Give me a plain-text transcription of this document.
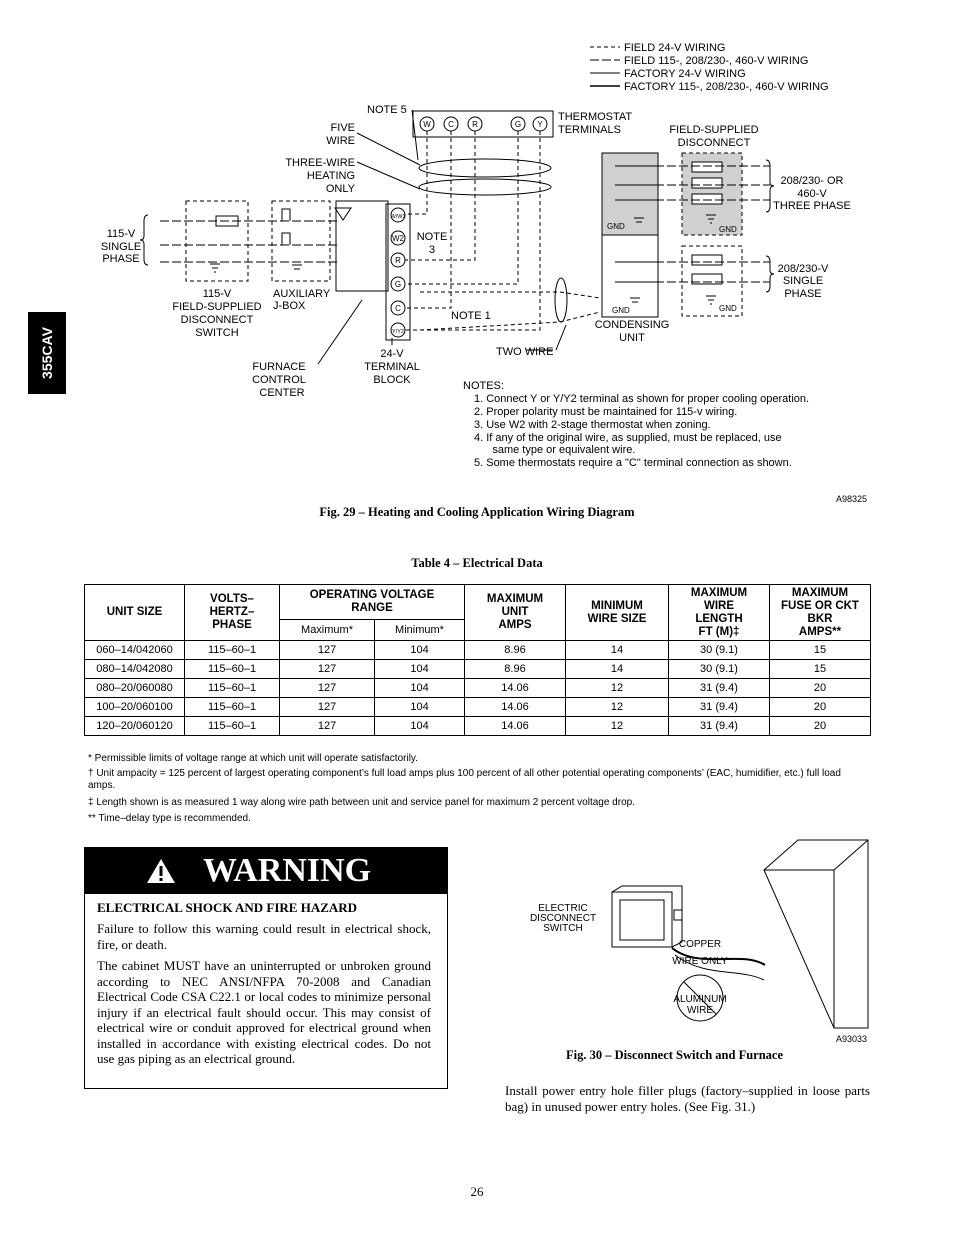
355CAV
FIELD 24-V WIRING
FIELD 115-, 208/230-, 460-V WIRING
FACTORY 24-V WIRING
FACTORY 115-, 208/230-, 460-V WIRING
NOTE 5
FIVE
WIRE
THREE-WIRE
HEATING
ONLY
THERMOSTAT
TERMINALS	FIELD-SUPPLIED
DISCONNECT
208/230- OR
460-V
THREE PHASE
208/230-V
SINGLE
PHASE
115-V
SINGLE
PHASE
115-V
FIELD-SUPPLIED
DISCONNECT
SWITCH
AUXILIARY
J-BOX
FURNACE
CONTROL
CENTER
24-V
TERMINAL
BLOCK
NOTE
3
NOTE 1
TWO WIRE
CONDENSING
UNIT
GND	GND
GND	GND
W C R	G Y
W/W1
W2
R
G
C
Y/Y2
NOTES:
1. Connect Y or Y/Y2 terminal as shown for proper cooling operation.
2. Proper polarity must be maintained for 115-v wiring.
3. Use W2 with 2-stage thermostat when zoning.
4. If any of the original wire, as supplied, must be replaced, use
same type or equivalent wire.
5. Some thermostats require a "C" terminal connection as shown.
A98325
Fig. 29 – Heating and Cooling Application Wiring Diagram
Table 4 – Electrical Data
UNIT SIZE	VOLTS–
HERTZ–
PHASE	OPERATING VOLTAGE
RANGE		MAXIMUM
UNIT
AMPS	MINIMUM
WIRE SIZE	MAXIMUM
WIRE
LENGTH
FT (M)‡	MAXIMUM
FUSE OR CKT
BKR
AMPS**
		Maximum*	Minimum*				
060–14/042060	115–60–1	127	104	8.96	14	30 (9.1)	15
080–14/042080	115–60–1	127	104	8.96	14	30 (9.1)	15
080–20/060080	115–60–1	127	104	14.06	12	31 (9.4)	20
100–20/060100	115–60–1	127	104	14.06	12	31 (9.4)	20
120–20/060120	115–60–1	127	104	14.06	12	31 (9.4)	20
* Permissible limits of voltage range at which unit will operate satisfactorily.
† Unit ampacity = 125 percent of largest operating component’s full load amps plus 100 percent of all other potential operating components’ (EAC, humidifier, etc.) full load amps.
‡ Length shown is as measured 1 way along wire path between unit and service panel for maximum 2 percent voltage drop.
** Time–delay type is recommended.
WARNING
ELECTRICAL SHOCK AND FIRE HAZARD
Failure to follow this warning could result in electrical shock, fire, or death.
The cabinet MUST have an uninterrupted or unbroken ground according to NEC ANSI/NFPA 70‑2008 and Canadian Electrical Code CSA C22.1 or local codes to minimize personal injury if an electrical fault should occur. This may consist of electrical wire or conduit approved for electrical ground when installed in accordance with existing electrical codes. Do not use gas piping as an electrical ground.
ELECTRIC
DISCONNECT
SWITCH
COPPER
WIRE ONLY
ALUMINUM
WIRE
A93033
Fig. 30 – Disconnect Switch and Furnace
Install power entry hole filler plugs (factory–supplied in loose parts bag) in unused power entry holes. (See Fig. 31.)
26
